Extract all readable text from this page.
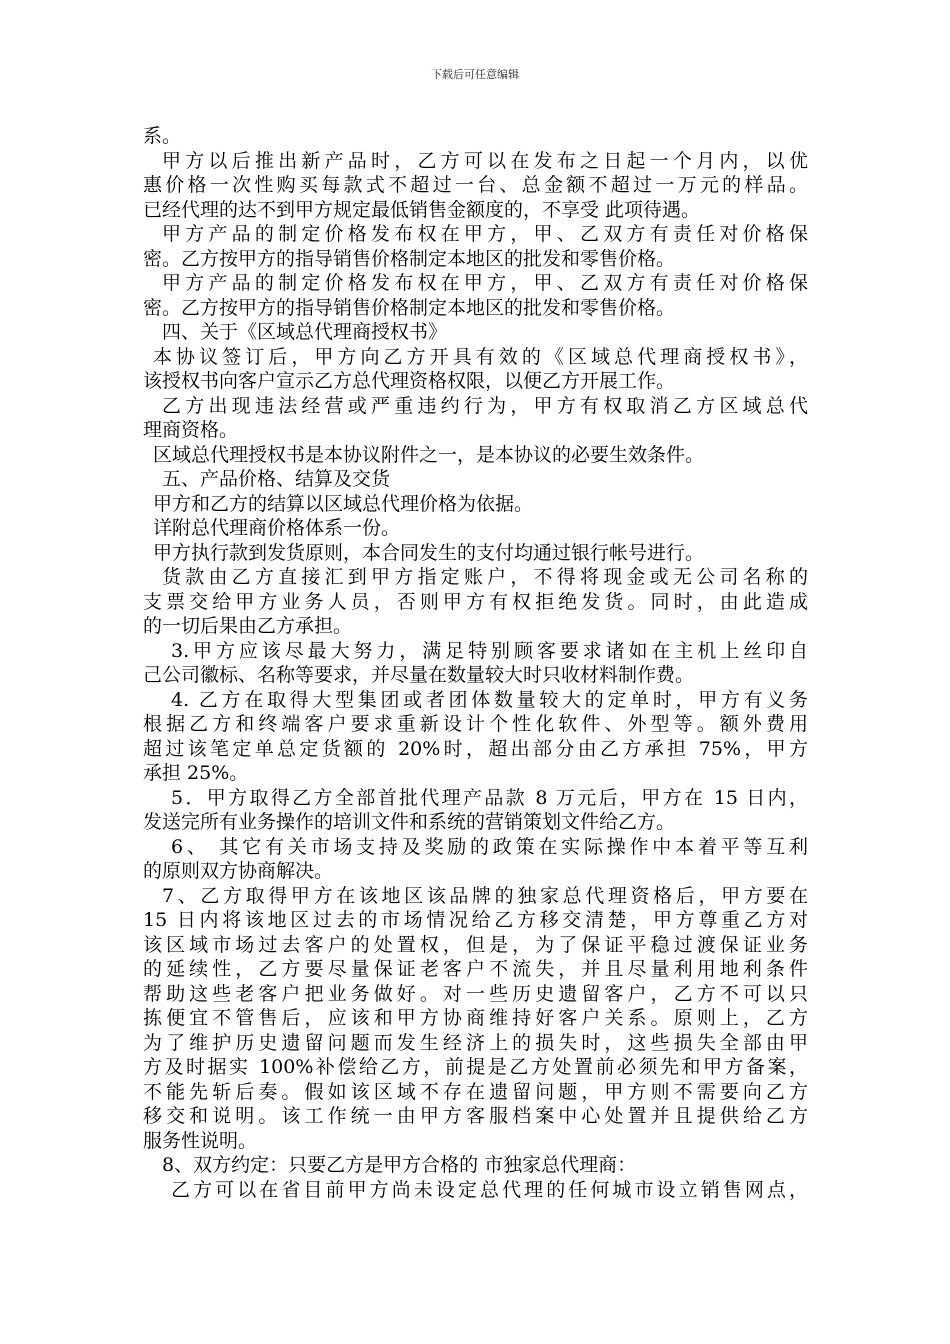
下载后可任意编辑
系。
甲方以后推出新产品时，乙方可以在发布之日起一个月内，以优
惠价格一次性购买每款式不超过一台、总金额不超过一万元的样品。
已经代理的达不到甲方规定最低销售金额度的，不享受 此项待遇。
甲方产品的制定价格发布权在甲方，甲、乙双方有责任对价格保
密。乙方按甲方的指导销售价格制定本地区的批发和零售价格。
甲方产品的制定价格发布权在甲方，甲、乙双方有责任对价格保
密。乙方按甲方的指导销售价格制定本地区的批发和零售价格。
四、关于《区域总代理商授权书》
本协议签订后，甲方向乙方开具有效的《区域总代理商授权书》，
该授权书向客户宣示乙方总代理资格权限，以便乙方开展工作。
乙方出现违法经营或严重违约行为，甲方有权取消乙方区域总代
理商资格。
区域总代理授权书是本协议附件之一，是本协议的必要生效条件。
五、产品价格、结算及交货
甲方和乙方的结算以区域总代理价格为依据。
详附总代理商价格体系一份。
甲方执行款到发货原则，本合同发生的支付均通过银行帐号进行。
货款由乙方直接汇到甲方指定账户，不得将现金或无公司名称的
支票交给甲方业务人员，否则甲方有权拒绝发货。同时，由此造成
的一切后果由乙方承担。
3.甲方应该尽最大努力，满足特别顾客要求诸如在主机上丝印自
己公司徽标、名称等要求，并尽量在数量较大时只收材料制作费。
4. 乙方在取得大型集团或者团体数量较大的定单时，甲方有义务
根据乙方和终端客户要求重新设计个性化软件、外型等。额外费用
超过该笔定单总定货额的 20%时，超出部分由乙方承担 75%，甲方
承担 25%。
5．甲方取得乙方全部首批代理产品款 8 万元后，甲方在 15 日内，
发送完所有业务操作的培训文件和系统的营销策划文件给乙方。
6、 其它有关市场支持及奖励的政策在实际操作中本着平等互利
的原则双方协商解决。
7、乙方取得甲方在该地区该品牌的独家总代理资格后，甲方要在
15 日内将该地区过去的市场情况给乙方移交清楚，甲方尊重乙方对
该区域市场过去客户的处置权，但是，为了保证平稳过渡保证业务
的延续性，乙方要尽量保证老客户不流失，并且尽量利用地利条件
帮助这些老客户把业务做好。对一些历史遗留客户，乙方不可以只
拣便宜不管售后，应该和甲方协商维持好客户关系。原则上，乙方
为了维护历史遗留问题而发生经济上的损失时，这些损失全部由甲
方及时据实 100%补偿给乙方，前提是乙方处置前必须先和甲方备案，
不能先斩后奏。假如该区域不存在遗留问题，甲方则不需要向乙方
移交和说明。该工作统一由甲方客服档案中心处置并且提供给乙方
服务性说明。
8、双方约定：只要乙方是甲方合格的 市独家总代理商：
乙方可以在省目前甲方尚未设定总代理的任何城市设立销售网点，
